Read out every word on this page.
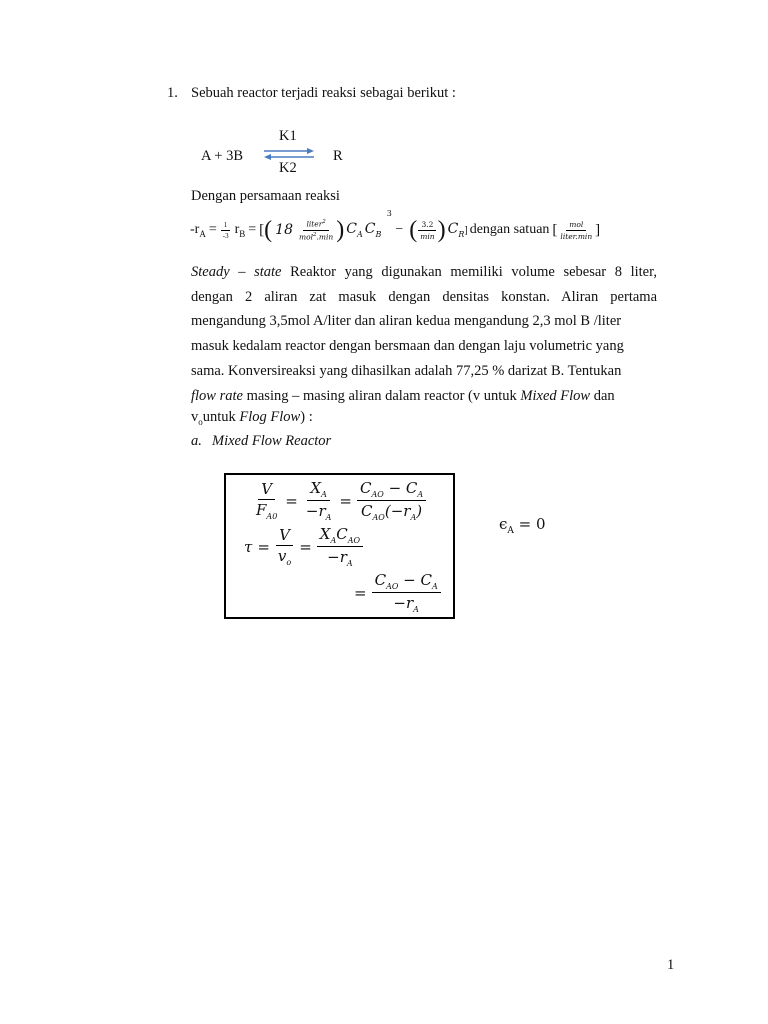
1. Sebuah reactor terjadi reaksi sebagai berikut :
A + 3B
K1
K2
R
Dengan persamaan reaksi
$-r_A = \frac{1}{-3} r_B$ = [ ( $18 \frac{liter^2}{mol^2.\min}$ ) $C_A$ $C_B$
3
− ( $\frac{3.2}{\min}$ ) $C_R$ ] dengan satuan [ $\frac{\text{mol}}{\text{liter.min}}$ ]
Steady – state Reaktor yang digunakan memiliki volume sebesar 8 liter,
dengan 2 aliran zat masuk dengan densitas konstan. Aliran pertama
mengandung 3,5mol A/liter dan aliran kedua mengandung 2,3 mol B /liter
masuk kedalam reactor dengan bersmaan dan dengan laju volumetric yang
sama. Konversireaksi yang dihasilkan adalah 77,25 % darizat B. Tentukan
flow rate masing – masing aliran dalam reactor (v untuk Mixed Flow dan
$v_ountuk$ Flog Flow) :
a. Mixed Flow Reactor
$\frac{V}{F_{A0}} = \frac{X_A}{-r_A} = \frac{C_{AO} - C_A}{C_{AO}(-r_A)}$
$\tau = \frac{V}{v_o} = \frac{X_AC_{AO}}{-r_A}$
= $\frac{C_{AO} - C_A}{-r_A}$
$\epsilon_A = 0$
1
